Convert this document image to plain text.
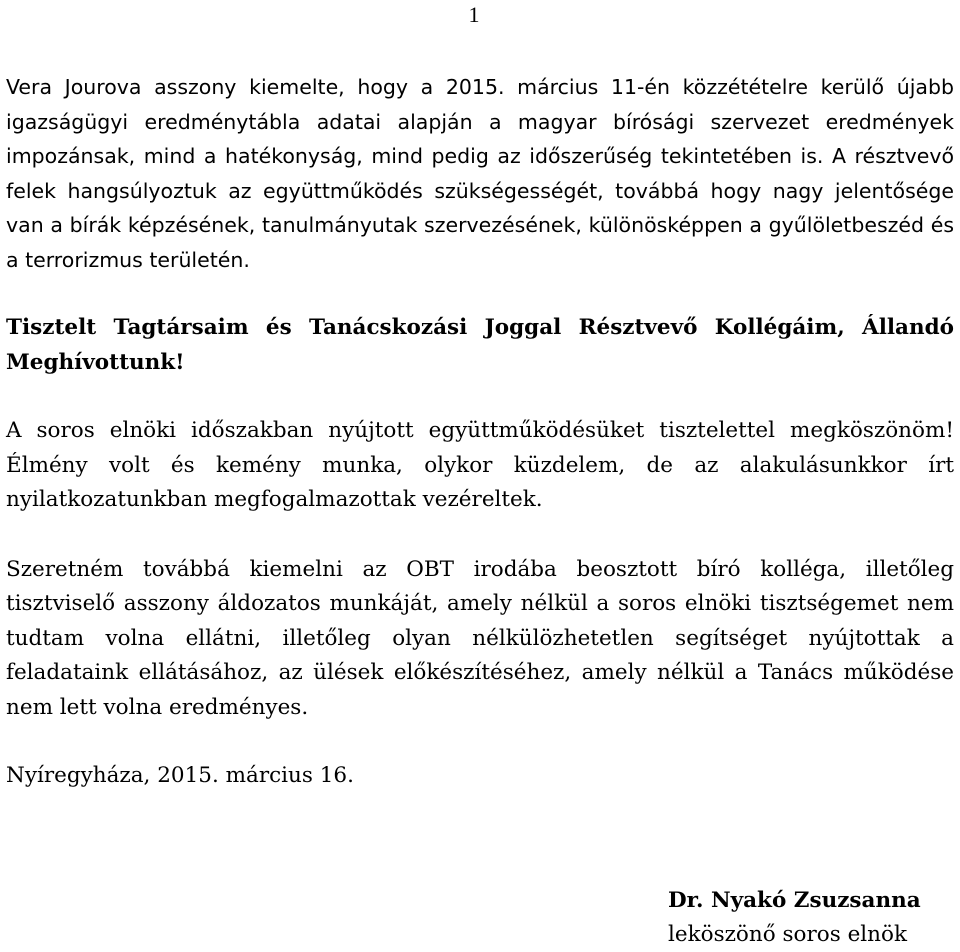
1

Vera Jourova asszony kiemelte, hogy a 2015. március 11-én közzétételre kerülő újabb igazságügyi eredménytábla adatai alapján a magyar bírósági szervezet eredmények impozánsak, mind a hatékonyság, mind pedig az időszerűség tekintetében is. A résztvevő felek hangsúlyoztuk az együttműködés szükségességét, továbbá hogy nagy jelentősége van a bírák képzésének, tanulmányutak szervezésének, különösképpen a gyűlöletbeszéd és a terrorizmus területén.

Tisztelt Tagtársaim és Tanácskozási Joggal Résztvevő Kollégáim, Állandó Meghívottunk!

A soros elnöki időszakban nyújtott együttműködésüket tisztelettel megköszönöm! Élmény volt és kemény munka, olykor küzdelem, de az alakulásunkkor írt nyilatkozatunkban megfogalmazottak vezéreltek.

Szeretném továbbá kiemelni az OBT irodába beosztott bíró kolléga, illetőleg tisztviselő asszony áldozatos munkáját, amely nélkül a soros elnöki tisztségemet nem tudtam volna ellátni, illetőleg olyan nélkülözhetetlen segítséget nyújtottak a feladataink ellátásához, az ülések előkészítéséhez, amely nélkül a Tanács működése nem lett volna eredményes.

Nyíregyháza, 2015. március 16.

Dr. Nyakó Zsuzsanna
leköszönő soros elnök
